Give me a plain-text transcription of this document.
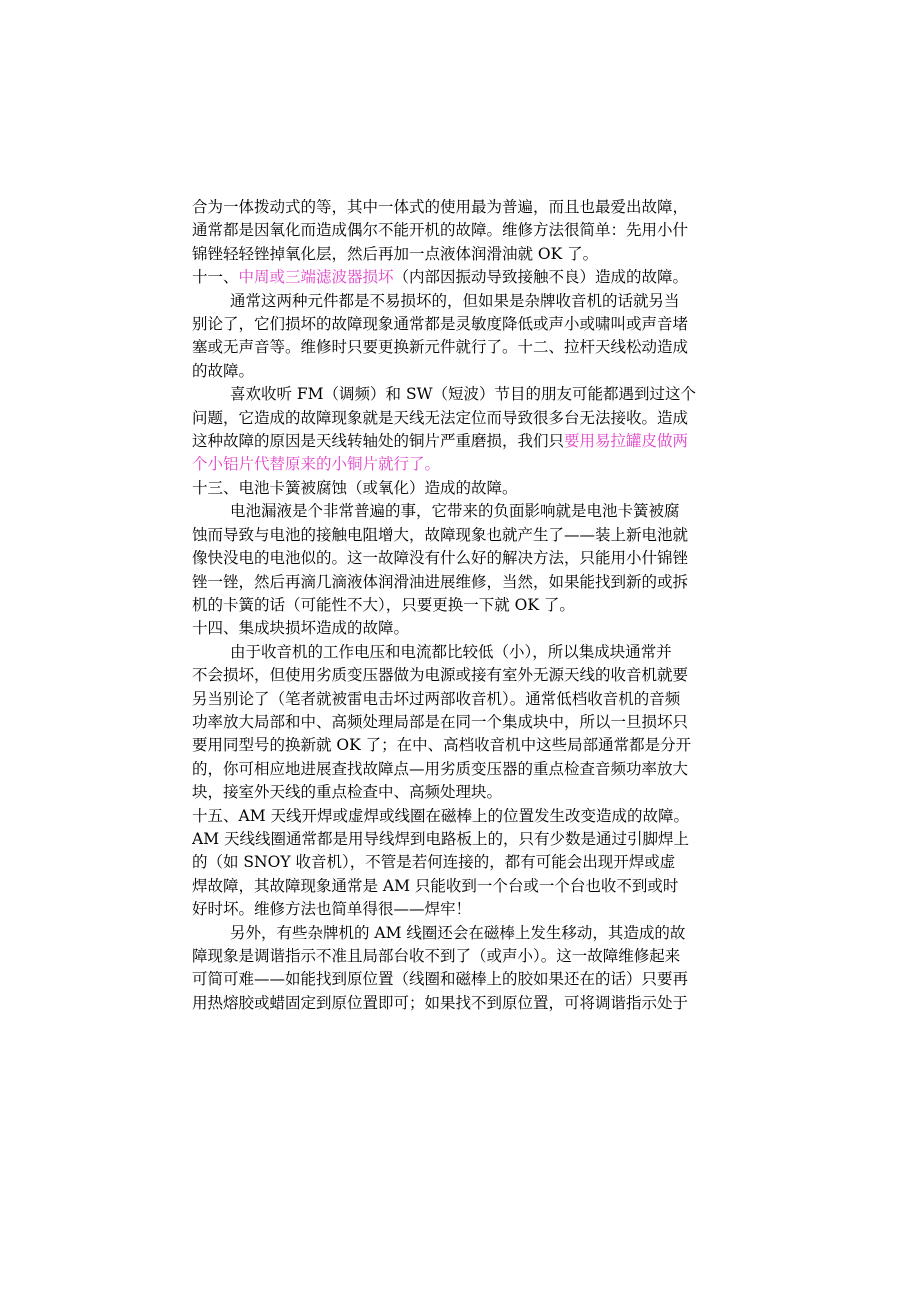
合为一体拨动式的等，其中一体式的使用最为普遍，而且也最爱出故障，
通常都是因氧化而造成偶尔不能开机的故障。维修方法很简单：先用小什
锦锉轻轻锉掉氧化层，然后再加一点液体润滑油就 OK 了。
十一、中周或三端滤波器损坏（内部因振动导致接触不良）造成的故障。
通常这两种元件都是不易损坏的，但如果是杂牌收音机的话就另当
别论了，它们损坏的故障现象通常都是灵敏度降低或声小或啸叫或声音堵
塞或无声音等。维修时只要更换新元件就行了。十二、拉杆天线松动造成
的故障。
喜欢收听 FM（调频）和 SW（短波）节目的朋友可能都遇到过这个
问题，它造成的故障现象就是天线无法定位而导致很多台无法接收。造成
这种故障的原因是天线转轴处的铜片严重磨损，我们只要用易拉罐皮做两
个小铝片代替原来的小铜片就行了。
十三、电池卡簧被腐蚀（或氧化）造成的故障。
电池漏液是个非常普遍的事，它带来的负面影响就是电池卡簧被腐
蚀而导致与电池的接触电阻增大，故障现象也就产生了——装上新电池就
像快没电的电池似的。这一故障没有什么好的解决方法，只能用小什锦锉
锉一锉，然后再滴几滴液体润滑油进展维修，当然，如果能找到新的或拆
机的卡簧的话（可能性不大），只要更换一下就 OK 了。
十四、集成块损坏造成的故障。
由于收音机的工作电压和电流都比较低（小），所以集成块通常并
不会损坏，但使用劣质变压器做为电源或接有室外无源天线的收音机就要
另当别论了（笔者就被雷电击坏过两部收音机）。通常低档收音机的音频
功率放大局部和中、高频处理局部是在同一个集成块中，所以一旦损坏只
要用同型号的换新就 OK 了；在中、高档收音机中这些局部通常都是分开
的，你可相应地进展查找故障点—用劣质变压器的重点检查音频功率放大
块，接室外天线的重点检查中、高频处理块。
十五、AM 天线开焊或虚焊或线圈在磁棒上的位置发生改变造成的故障。
AM 天线线圈通常都是用导线焊到电路板上的，只有少数是通过引脚焊上
的（如 SNOY 收音机），不管是若何连接的，都有可能会出现开焊或虚
焊故障，其故障现象通常是 AM 只能收到一个台或一个台也收不到或时
好时坏。维修方法也简单得很——焊牢！
另外，有些杂牌机的 AM 线圈还会在磁棒上发生移动，其造成的故
障现象是调谐指示不准且局部台收不到了（或声小）。这一故障维修起来
可简可难——如能找到原位置（线圈和磁棒上的胶如果还在的话）只要再
用热熔胶或蜡固定到原位置即可；如果找不到原位置，可将调谐指示处于
